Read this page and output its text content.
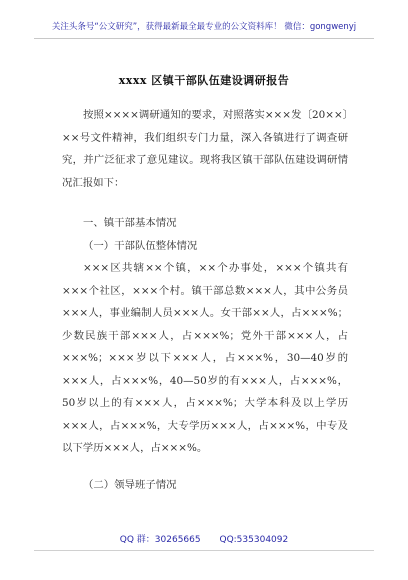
关注头条号“公文研究”，获得最新最全最专业的公文资料库！ 微信：gongwenyj
xxxx 区镇干部队伍建设调研报告

按照××××调研通知的要求，对照落实×××发〔20××〕××号文件精神，我们组织专门力量，深入各镇进行了调查研究，并广泛征求了意见建议。现将我区镇干部队伍建设调研情况汇报如下：

一、镇干部基本情况

（一）干部队伍整体情况

×××区共辖××个镇，××个办事处，×××个镇共有×××个社区，×××个村。镇干部总数×××人，其中公务员×××人，事业编制人员×××人。女干部××人，占×××%；少数民族干部×××人，占×××%；党外干部×××人，占×××%；×××岁以下×××人，占×××%，30—40岁的×××人，占×××%，40—50岁的有×××人，占×××%，50岁以上的有×××人，占×××%；大学本科及以上学历×××人，占×××%，大专学历×××人，占×××%，中专及以下学历×××人，占×××%。

（二）领导班子情况

QQ 群：30265665 QQ:535304092
